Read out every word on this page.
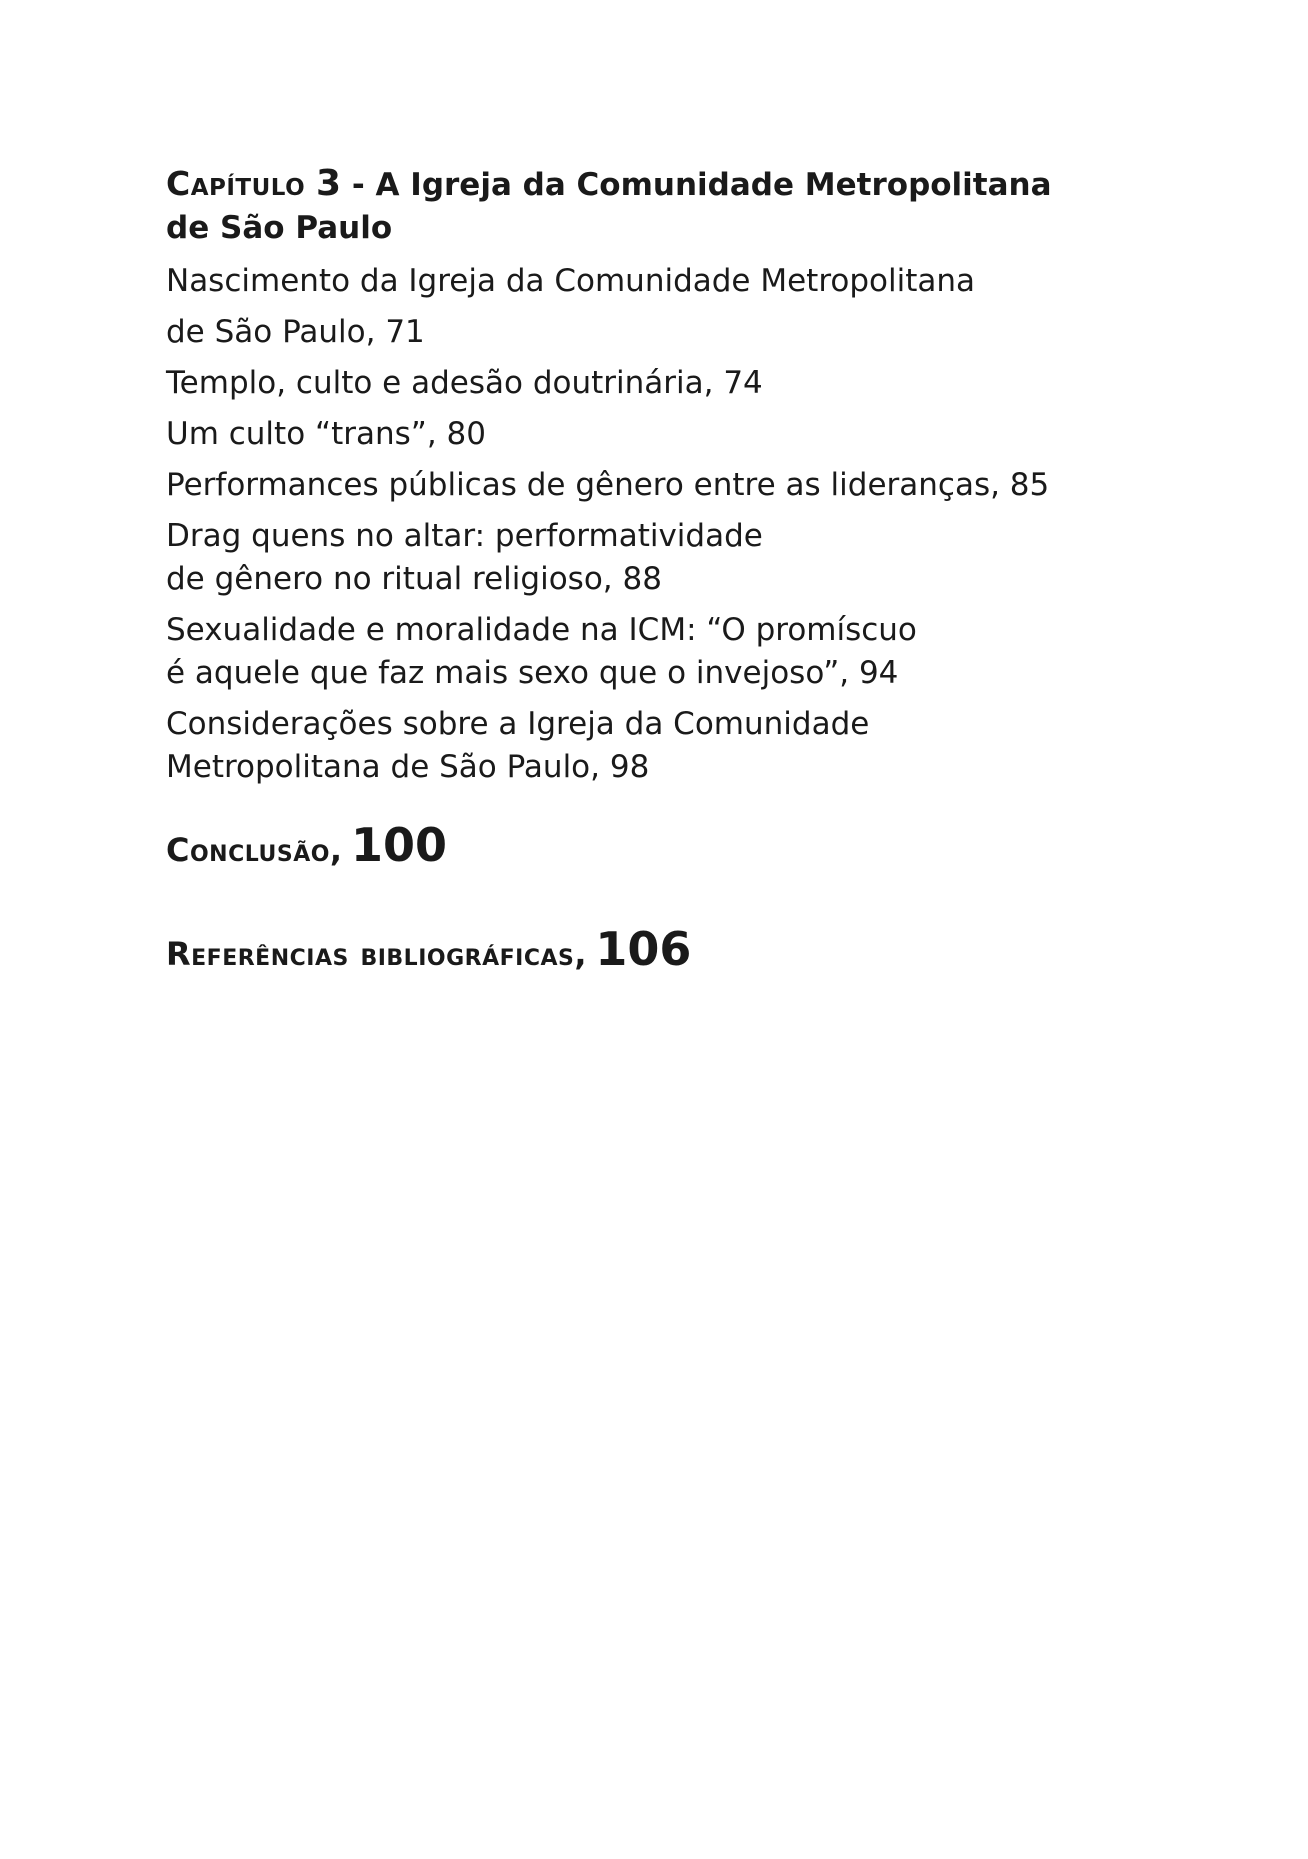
Capítulo 3 - A Igreja da Comunidade Metropolitana
de São Paulo
Nascimento da Igreja da Comunidade Metropolitana
de São Paulo, 71
Templo, culto e adesão doutrinária, 74
Um culto “trans”, 80
Performances públicas de gênero entre as lideranças, 85
Drag quens no altar: performatividade
de gênero no ritual religioso, 88
Sexualidade e moralidade na ICM: “O promíscuo
é aquele que faz mais sexo que o invejoso”, 94
Considerações sobre a Igreja da Comunidade
Metropolitana de São Paulo, 98
Conclusão, 100
Referências bibliográficas, 106
